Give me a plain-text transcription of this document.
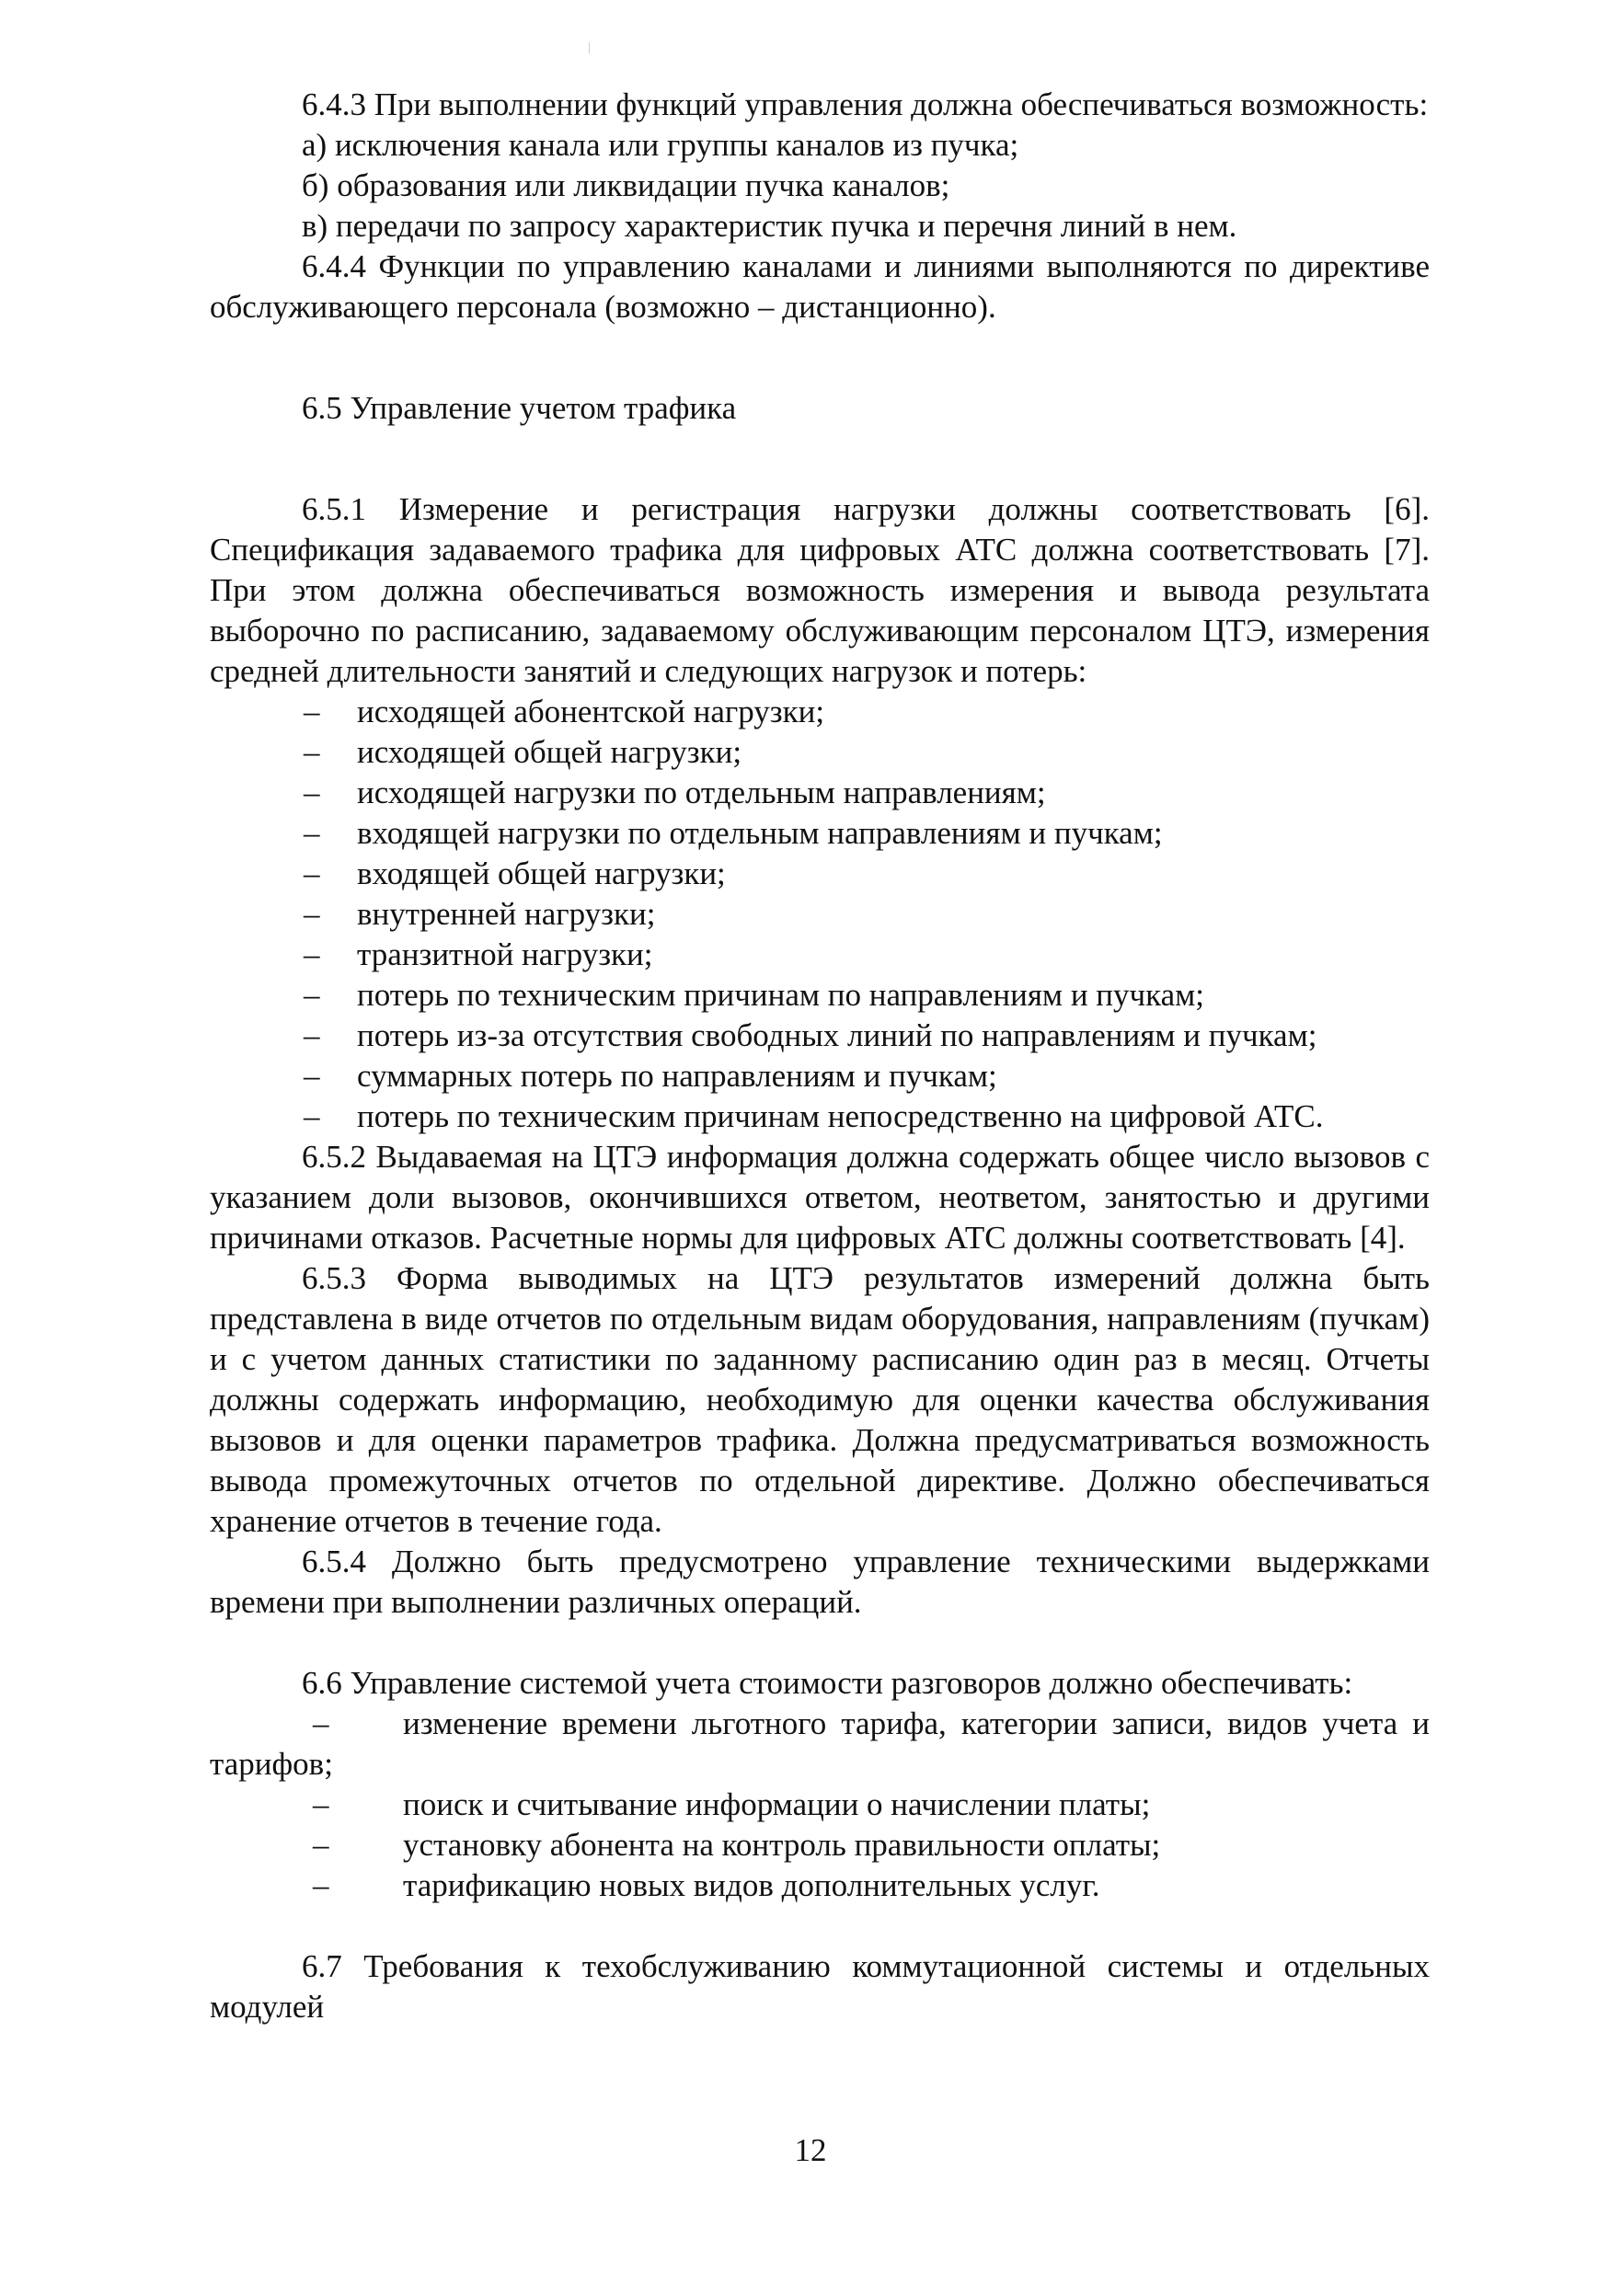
6.4.3 При выполнении функций управления должна обеспечиваться возможность:

а) исключения канала или группы каналов из пучка;

б) образования или ликвидации пучка каналов;

в) передачи по запросу характеристик пучка и перечня линий в нем.

6.4.4 Функции по управлению каналами и линиями выполняются по директиве обслуживающего персонала (возможно – дистанционно).

6.5 Управление учетом трафика

6.5.1 Измерение и регистрация нагрузки должны соответствовать [6]. Спецификация задаваемого трафика для цифровых АТС должна соответствовать [7]. При этом должна обеспечиваться возможность измерения и вывода результата выборочно по расписанию, задаваемому обслуживающим персоналом ЦТЭ, измерения средней длительности занятий и следующих нагрузок и потерь:

– исходящей абонентской нагрузки;
– исходящей общей нагрузки;
– исходящей нагрузки по отдельным направлениям;
– входящей нагрузки по отдельным направлениям и пучкам;
– входящей общей нагрузки;
– внутренней нагрузки;
– транзитной нагрузки;
– потерь по техническим причинам по направлениям и пучкам;
– потерь из-за отсутствия свободных линий по направлениям и пучкам;
– суммарных потерь по направлениям и пучкам;
– потерь по техническим причинам непосредственно на цифровой АТС.

6.5.2 Выдаваемая на ЦТЭ информация должна содержать общее число вызовов с указанием доли вызовов, окончившихся ответом, неответом, занятостью и другими причинами отказов. Расчетные нормы для цифровых АТС должны соответствовать [4].

6.5.3 Форма выводимых на ЦТЭ результатов измерений должна быть представлена в виде отчетов по отдельным видам оборудования, направлениям (пучкам) и с учетом данных статистики по заданному расписанию один раз в месяц. Отчеты должны содержать информацию, необходимую для оценки качества обслуживания вызовов и для оценки параметров трафика. Должна предусматриваться возможность вывода промежуточных отчетов по отдельной директиве. Должно обеспечиваться хранение отчетов в течение года.

6.5.4 Должно быть предусмотрено управление техническими выдержками времени при выполнении различных операций.

6.6 Управление системой учета стоимости разговоров должно обеспечивать:

– изменение времени льготного тарифа, категории записи, видов учета и
тарифов;
– поиск и считывание информации о начислении платы;
– установку абонента на контроль правильности оплаты;
– тарификацию новых видов дополнительных услуг.

6.7 Требования к техобслуживанию коммутационной системы и отдельных модулей

12
